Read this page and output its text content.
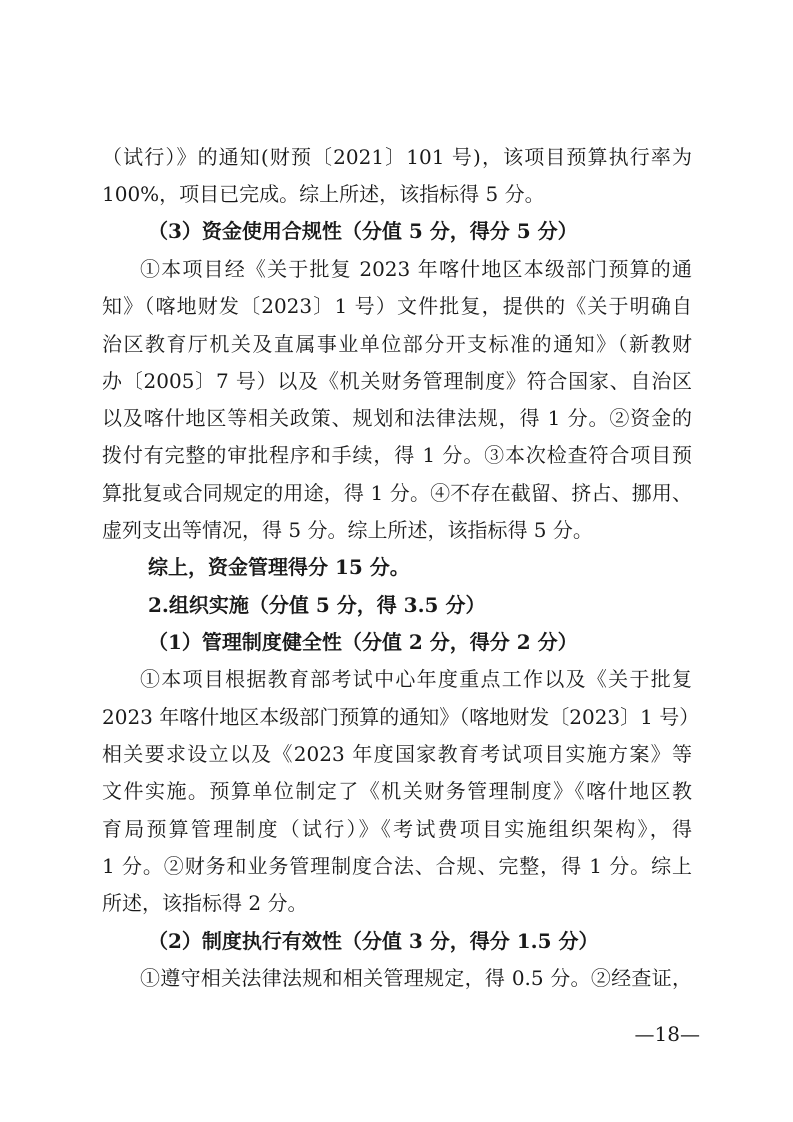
（试行）》的通知(财预〔2021〕101 号)，该项目预算执行率为
100%，项目已完成。综上所述，该指标得 5 分。
（3）资金使用合规性（分值 5 分，得分 5 分）
①本项目经《关于批复 2023 年喀什地区本级部门预算的通
知》（喀地财发〔2023〕1 号）文件批复，提供的《关于明确自
治区教育厅机关及直属事业单位部分开支标准的通知》（新教财
办〔2005〕7 号）以及《机关财务管理制度》符合国家、自治区
以及喀什地区等相关政策、规划和法律法规，得 1 分。②资金的
拨付有完整的审批程序和手续，得 1 分。③本次检查符合项目预
算批复或合同规定的用途，得 1 分。④不存在截留、挤占、挪用、
虚列支出等情况，得 5 分。综上所述，该指标得 5 分。
综上，资金管理得分 15 分。
2.组织实施（分值 5 分，得 3.5 分）
（1）管理制度健全性（分值 2 分，得分 2 分）
①本项目根据教育部考试中心年度重点工作以及《关于批复
2023 年喀什地区本级部门预算的通知》（喀地财发〔2023〕1 号）
相关要求设立以及《2023 年度国家教育考试项目实施方案》等
文件实施。预算单位制定了《机关财务管理制度》《喀什地区教
育局预算管理制度（试行）》《考试费项目实施组织架构》，得
1 分。②财务和业务管理制度合法、合规、完整，得 1 分。综上
所述，该指标得 2 分。
（2）制度执行有效性（分值 3 分，得分 1.5 分）
①遵守相关法律法规和相关管理规定，得 0.5 分。②经查证，
—18—
